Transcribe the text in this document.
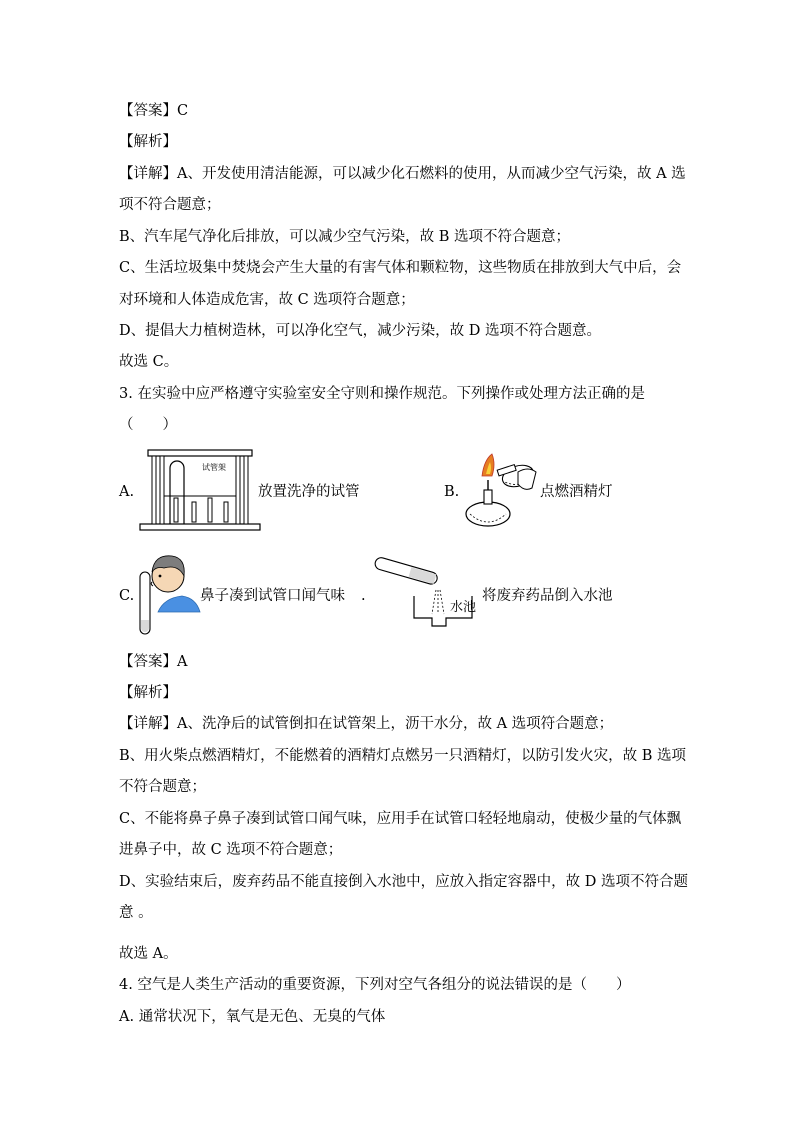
【答案】C
【解析】
【详解】A、开发使用清洁能源，可以减少化石燃料的使用，从而减少空气污染，故 A 选
项不符合题意；
B、汽车尾气净化后排放，可以减少空气污染，故 B 选项不符合题意；
C、生活垃圾集中焚烧会产生大量的有害气体和颗粒物，这些物质在排放到大气中后，会
对环境和人体造成危害，故 C 选项符合题意；
D、提倡大力植树造林，可以净化空气，减少污染，故 D 选项不符合题意。
故选 C。
3. 在实验中应严格遵守实验室安全守则和操作规范。下列操作或处理方法正确的是
（　　）
A.
试管架
放置洗净的试管	B.	点燃酒精灯
C.	鼻子凑到试管口闻气味 .
水池
将废弃药品倒入水池
【答案】A
【解析】
【详解】A、洗净后的试管倒扣在试管架上，沥干水分，故 A 选项符合题意；
B、用火柴点燃酒精灯，不能燃着的酒精灯点燃另一只酒精灯，以防引发火灾，故 B 选项
不符合题意；
C、不能将鼻子鼻子凑到试管口闻气味，应用手在试管口轻轻地扇动，使极少量的气体飘
进鼻子中，故 C 选项不符合题意；
D、实验结束后，废弃药品不能直接倒入水池中，应放入指定容器中，故 D 选项不符合题
意 。
故选 A。
4. 空气是人类生产活动的重要资源，下列对空气各组分的说法错误的是（　　）
A. 通常状况下，氧气是无色、无臭的气体
